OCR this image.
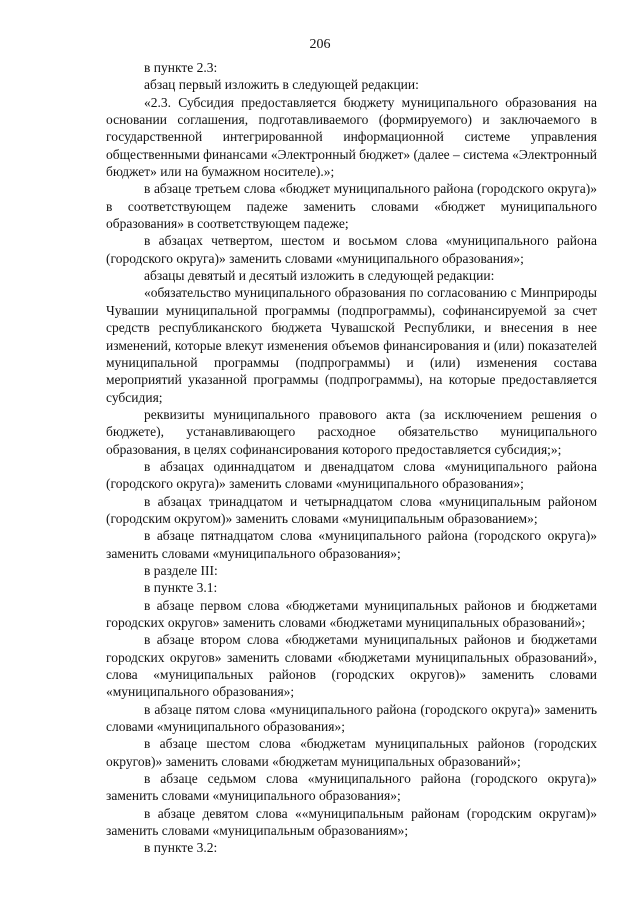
206

в пункте 2.3:

абзац первый изложить в следующей редакции:

«2.3. Субсидия предоставляется бюджету муниципального образования на основании соглашения, подготавливаемого (формируемого) и заключаемого в государственной интегрированной информационной системе управления общественными финансами «Электронный бюджет» (далее – система «Электронный бюджет» или на бумажном носителе).»;

в абзаце третьем слова «бюджет муниципального района (городского округа)» в соответствующем падеже заменить словами «бюджет муниципального образования» в соответствующем падеже;

в абзацах четвертом, шестом и восьмом слова «муниципального района (городского округа)» заменить словами «муниципального образования»;

абзацы девятый и десятый изложить в следующей редакции:

«обязательство муниципального образования по согласованию с Минприроды Чувашии муниципальной программы (подпрограммы), софинансируемой за счет средств республиканского бюджета Чувашской Республики, и внесения в нее изменений, которые влекут изменения объемов финансирования и (или) показателей муниципальной программы (подпрограммы) и (или) изменения состава мероприятий указанной программы (подпрограммы), на которые предоставляется субсидия;

реквизиты муниципального правового акта (за исключением решения о бюджете), устанавливающего расходное обязательство муниципального образования, в целях софинансирования которого предоставляется субсидия;»;

в абзацах одиннадцатом и двенадцатом слова «муниципального района (городского округа)» заменить словами «муниципального образования»;

в абзацах тринадцатом и четырнадцатом слова «муниципальным районом (городским округом)» заменить словами «муниципальным образованием»;

в абзаце пятнадцатом слова «муниципального района (городского округа)» заменить словами «муниципального образования»;

в разделе III:

в пункте 3.1:

в абзаце первом слова «бюджетами муниципальных районов и бюджетами городских округов» заменить словами «бюджетами муниципальных образований»;

в абзаце втором слова «бюджетами муниципальных районов и бюджетами городских округов» заменить словами «бюджетами муниципальных образований», слова «муниципальных районов (городских округов)» заменить словами «муниципального образования»;

в абзаце пятом слова «муниципального района (городского округа)» заменить словами «муниципального образования»;

в абзаце шестом слова «бюджетам муниципальных районов (городских округов)» заменить словами «бюджетам муниципальных образований»;

в абзаце седьмом слова «муниципального района (городского округа)» заменить словами «муниципального образования»;

в абзаце девятом слова ««муниципальным районам (городским округам)» заменить словами «муниципальным образованиям»;

в пункте 3.2:
